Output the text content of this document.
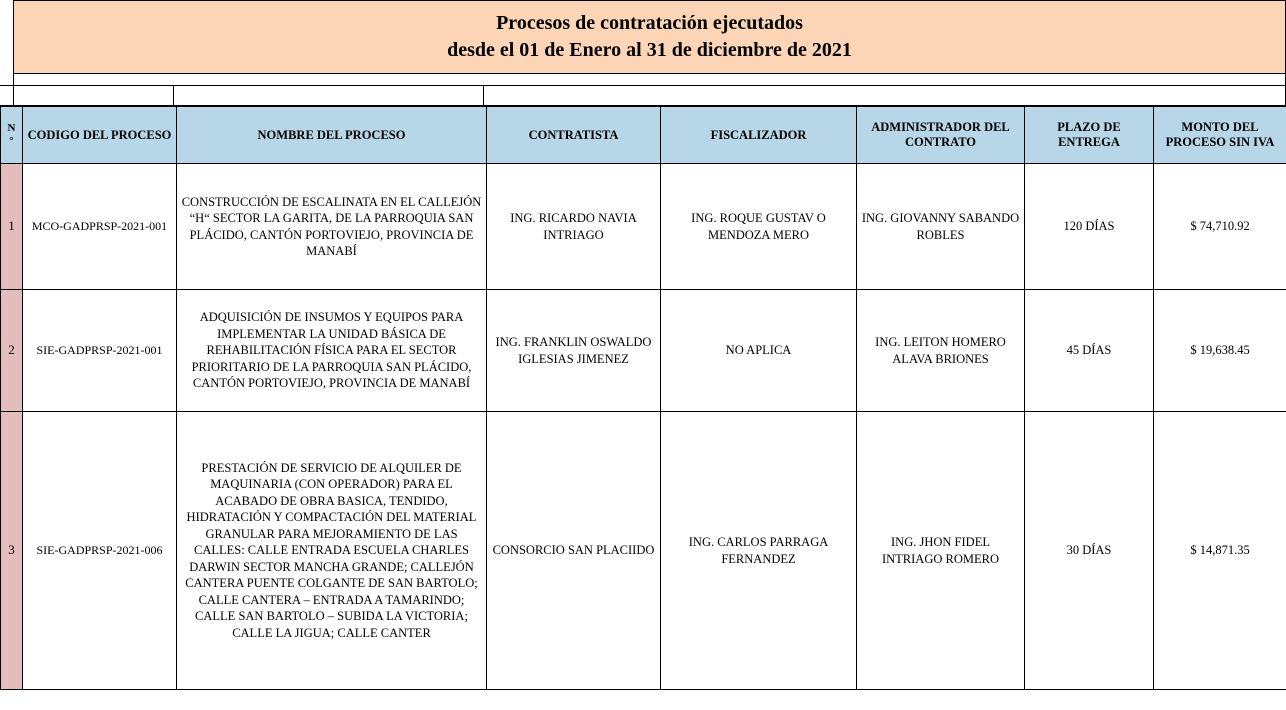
Procesos de contratación ejecutados
desde el 01 de Enero al 31 de diciembre de 2021
N °	CODIGO DEL PROCESO	NOMBRE DEL PROCESO	CONTRATISTA	FISCALIZADOR	ADMINISTRADOR DEL CONTRATO	PLAZO DE ENTREGA	MONTO DEL PROCESO SIN IVA
1	MCO-GADPRSP-2021-001	CONSTRUCCIÓN DE ESCALINATA EN EL CALLEJÓN “H“ SECTOR LA GARITA, DE LA PARROQUIA SAN PLÁCIDO, CANTÓN PORTOVIEJO, PROVINCIA DE MANABÍ	ING. RICARDO NAVIA INTRIAGO	ING. ROQUE GUSTAV O MENDOZA MERO	ING. GIOVANNY SABANDO ROBLES	120 DÍAS	$ 74,710.92
2	SIE-GADPRSP-2021-001	ADQUISICIÓN DE INSUMOS Y EQUIPOS PARA IMPLEMENTAR LA UNIDAD BÁSICA DE REHABILITACIÓN FÍSICA PARA EL SECTOR PRIORITARIO DE LA PARROQUIA SAN PLÁCIDO, CANTÓN PORTOVIEJO, PROVINCIA DE MANABÍ	ING. FRANKLIN OSWALDO IGLESIAS JIMENEZ	NO APLICA	ING. LEITON HOMERO ALAVA BRIONES	45 DÍAS	$ 19,638.45
3	SIE-GADPRSP-2021-006	PRESTACIÓN DE SERVICIO DE ALQUILER DE MAQUINARIA (CON OPERADOR) PARA EL ACABADO DE OBRA BASICA, TENDIDO, HIDRATACIÓN Y COMPACTACIÓN DEL MATERIAL GRANULAR PARA MEJORAMIENTO DE LAS CALLES: CALLE ENTRADA ESCUELA CHARLES DARWIN SECTOR MANCHA GRANDE; CALLEJÓN CANTERA PUENTE COLGANTE DE SAN BARTOLO; CALLE CANTERA – ENTRADA A TAMARINDO; CALLE SAN BARTOLO – SUBIDA LA VICTORIA; CALLE LA JIGUA; CALLE CANTER	CONSORCIO SAN PLACIIDO	ING. CARLOS PARRAGA FERNANDEZ	ING. JHON FIDEL INTRIAGO ROMERO	30 DÍAS	$ 14,871.35
